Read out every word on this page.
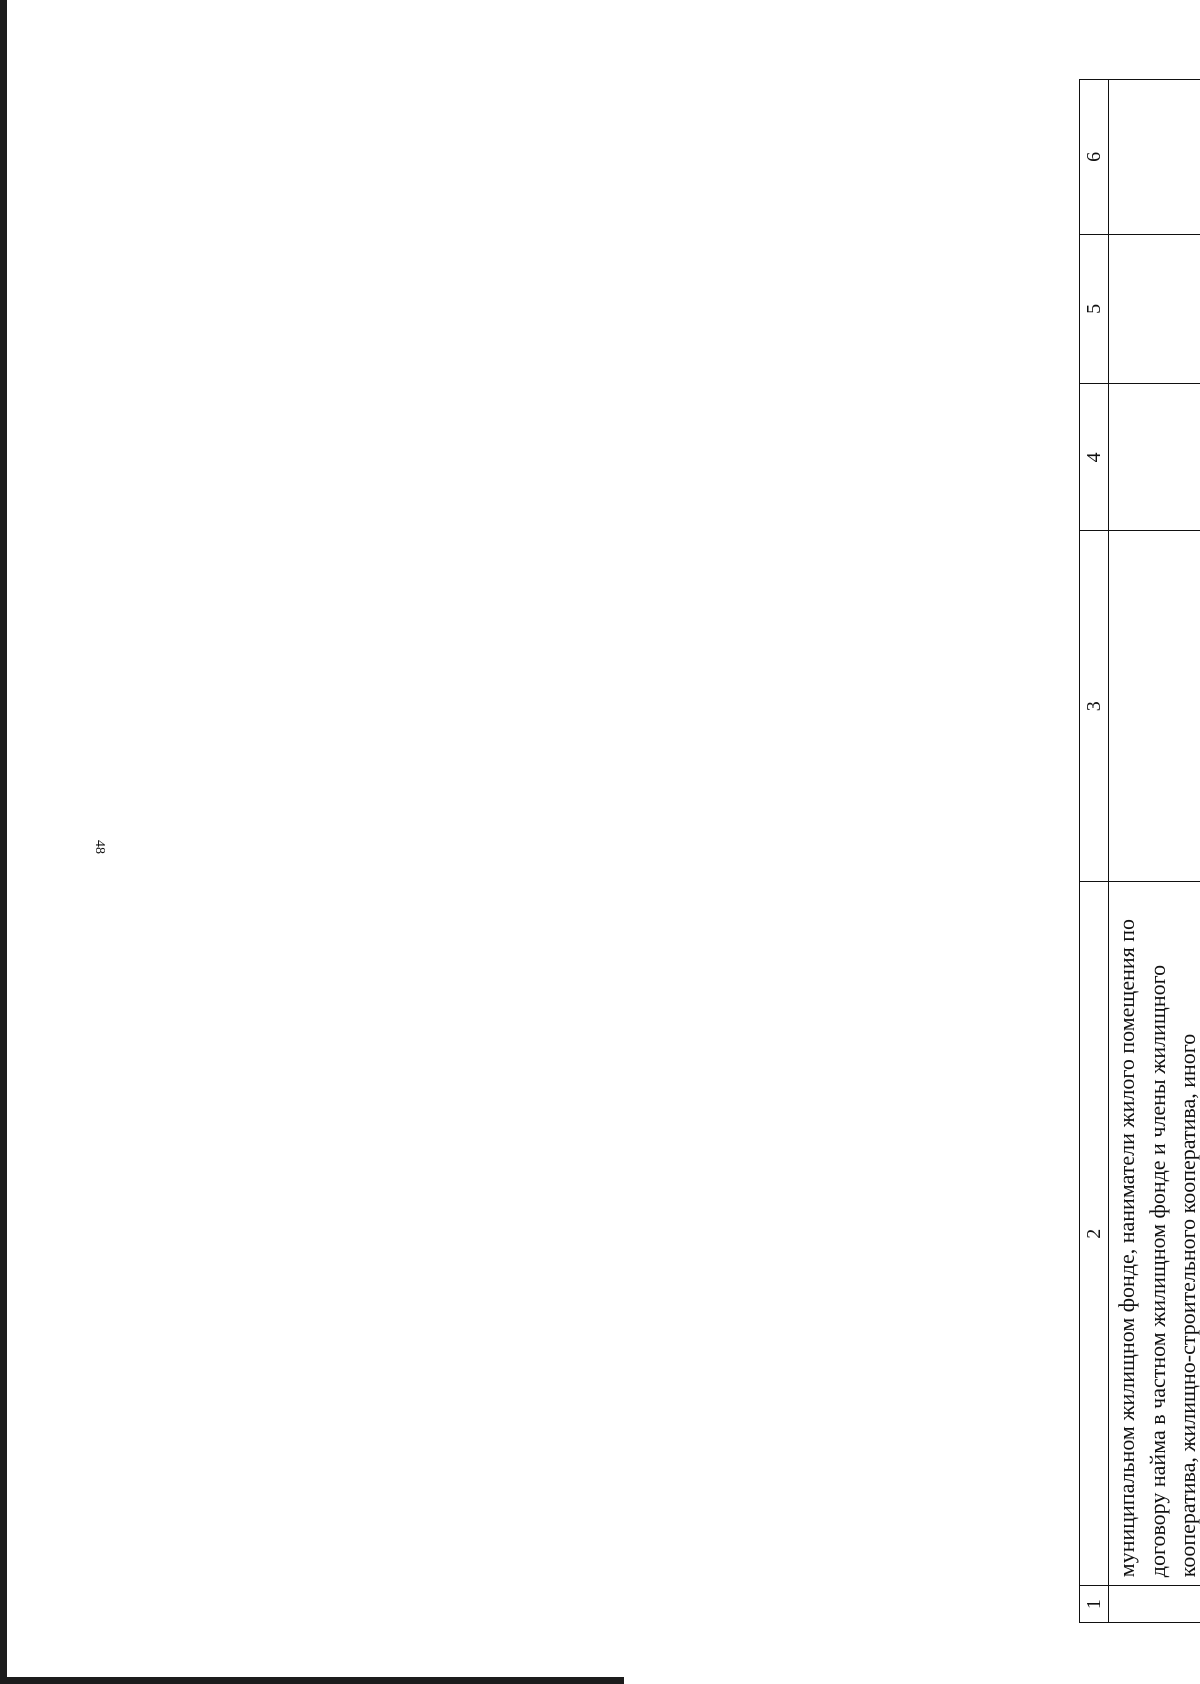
48
1	2	3	4	5	6
	муниципальном жилищном фонде, наниматели жилого помещения по договору найма в частном жилищном фонде и члены жилищного кооператива, жилищно-строительного кооператива, иного				
